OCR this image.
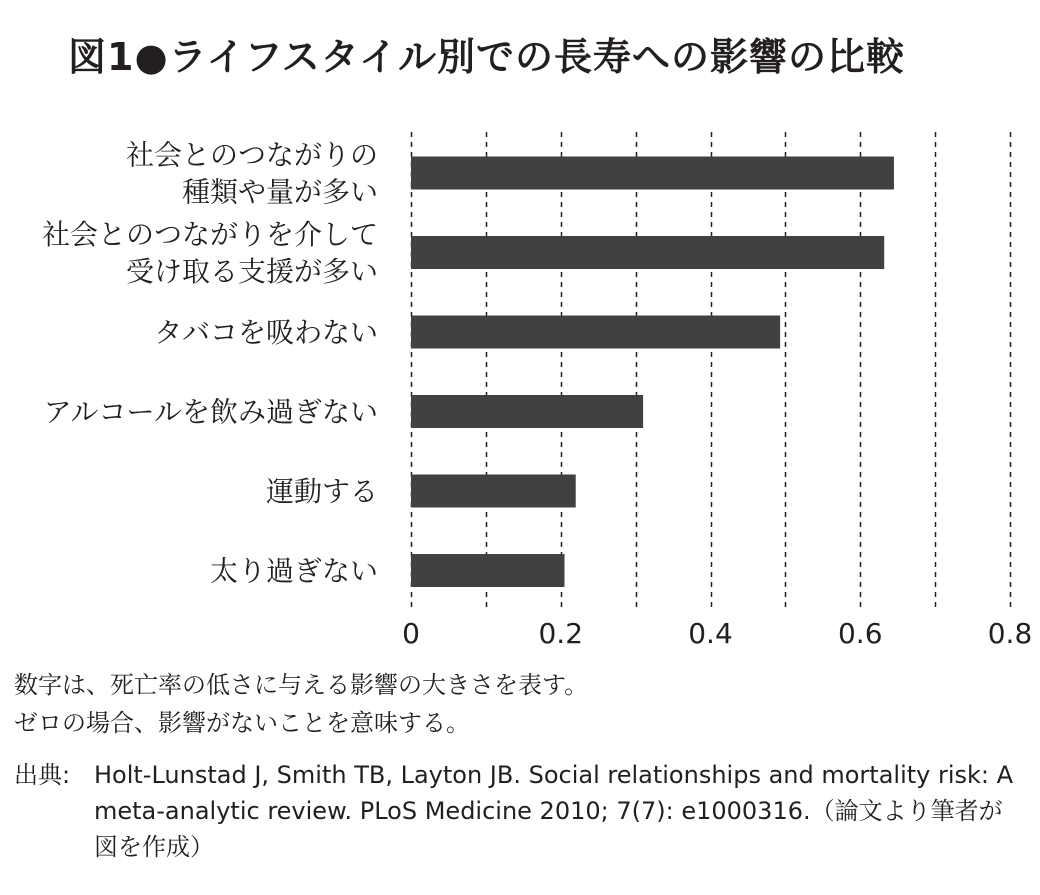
図1●ライフスタイル別での長寿への影響の比較
社会とのつながりの
種類や量が多い
社会とのつながりを介して
受け取る支援が多い
タバコを吸わない
アルコールを飲み過ぎない
運動する
太り過ぎない
0	0.2	0.4	0.6	0.8
数字は、死亡率の低さに与える影響の大きさを表す。
ゼロの場合、影響がないことを意味する。
出典: Holt-Lunstad J, Smith TB, Layton JB. Social relationships and mortality risk: A meta-analytic review. PLoS Medicine 2010; 7(7): e1000316.（論文より筆者が図を作成）
